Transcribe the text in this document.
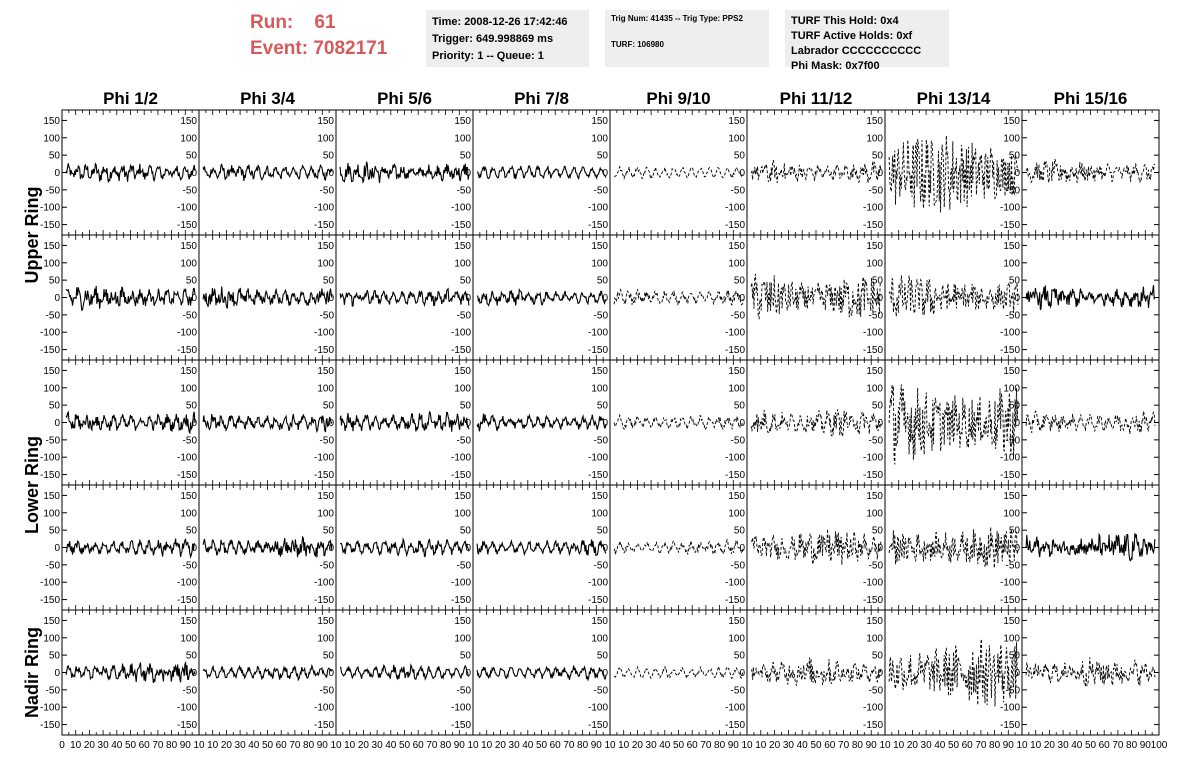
Run: 61
Event: 7082171
Time: 2008-12-26 17:42:46
Trigger: 649.998869 ms
Priority: 1 -- Queue: 1
Trig Num: 41435 -- Trig Type: PPS2
TURF: 106980
TURF This Hold: 0x4
TURF Active Holds: 0xf
Labrador CCCCCCCCCC
Phi Mask: 0x7f00
Phi 1/2	Phi 3/4	Phi 5/6	Phi 7/8	Phi 9/10	Phi 11/12	Phi 13/14	Phi 15/16
Upper Ring
Lower Ring
Nadir Ring
150
100
50
0
-50
-100
-150
150
100
50
0
-50
-100
-150
150
100
50
0
-50
-100
-150
150
100
50
0
-50
-100
-150
150
100
50
0
-50
-100
-150
150
100
50
0
-50
-100
-150
150
100
50
0
-50
-100
-150
150
100
50
0
-50
-100
-150
150
100
50
0
-50
-100
-150
150
100
50
0
-50
-100
-150
150
100
50
0
-50
-100
-150
150
100
50
0
-50
-100
-150
150
100
50
0
-50
-100
-150
150
100
50
0
-50
-100
-150
150
100
50
0
-50
-100
-150
150
100
50
0
-50
-100
-150
150
100
50
0
-50
-100
-150
150
100
50
0
-50
-100
-150
150
100
50
0
-50
-100
-150
150
100
50
0
-50
-100
-150
150
100
50
0
-50
-100
-150
150
100
50
0
-50
-100
-150
150
100
50
0
-50
-100
-150
150
100
50
0
-50
-100
-150
150
100
50
0
-50
-100
-150
150
100
50
0
-50
-100
-150
150
100
50
0
-50
-100
-150
150
100
50
0
-50
-100
-150
150
100
50
0
-50
-100
-150
150
100
50
0
-50
-100
-150
150
100
50
0
-50
-100
-150
150
100
50
0
-50
-100
-150
150
100
50
0
-50
-100
-150
150
100
50
0
-50
-100
-150
150
100
50
0
-50
-100
-150
150
100
50
0
-50
-100
-150
150
100
50
0
-50
-100
-150
150
100
50
0
-50
-100
-150
150
100
50
0
-50
-100
-150
150
100
50
0
-50
-100
-150
0 10 20 30 40 50 60 70 80 90 10 10 20 30 40 50 60 70 80 90 10 10 20 30 40 50 60 70 80 90 10 10 20 30 40 50 60 70 80 90 10 10 20 30 40 50 60 70 80 90 10 10 20 30 40 50 60 70 80 90 10 10 20 30 40 50 60 70 80 90 10 10 20 30 40 50 60 70 80 90 100
